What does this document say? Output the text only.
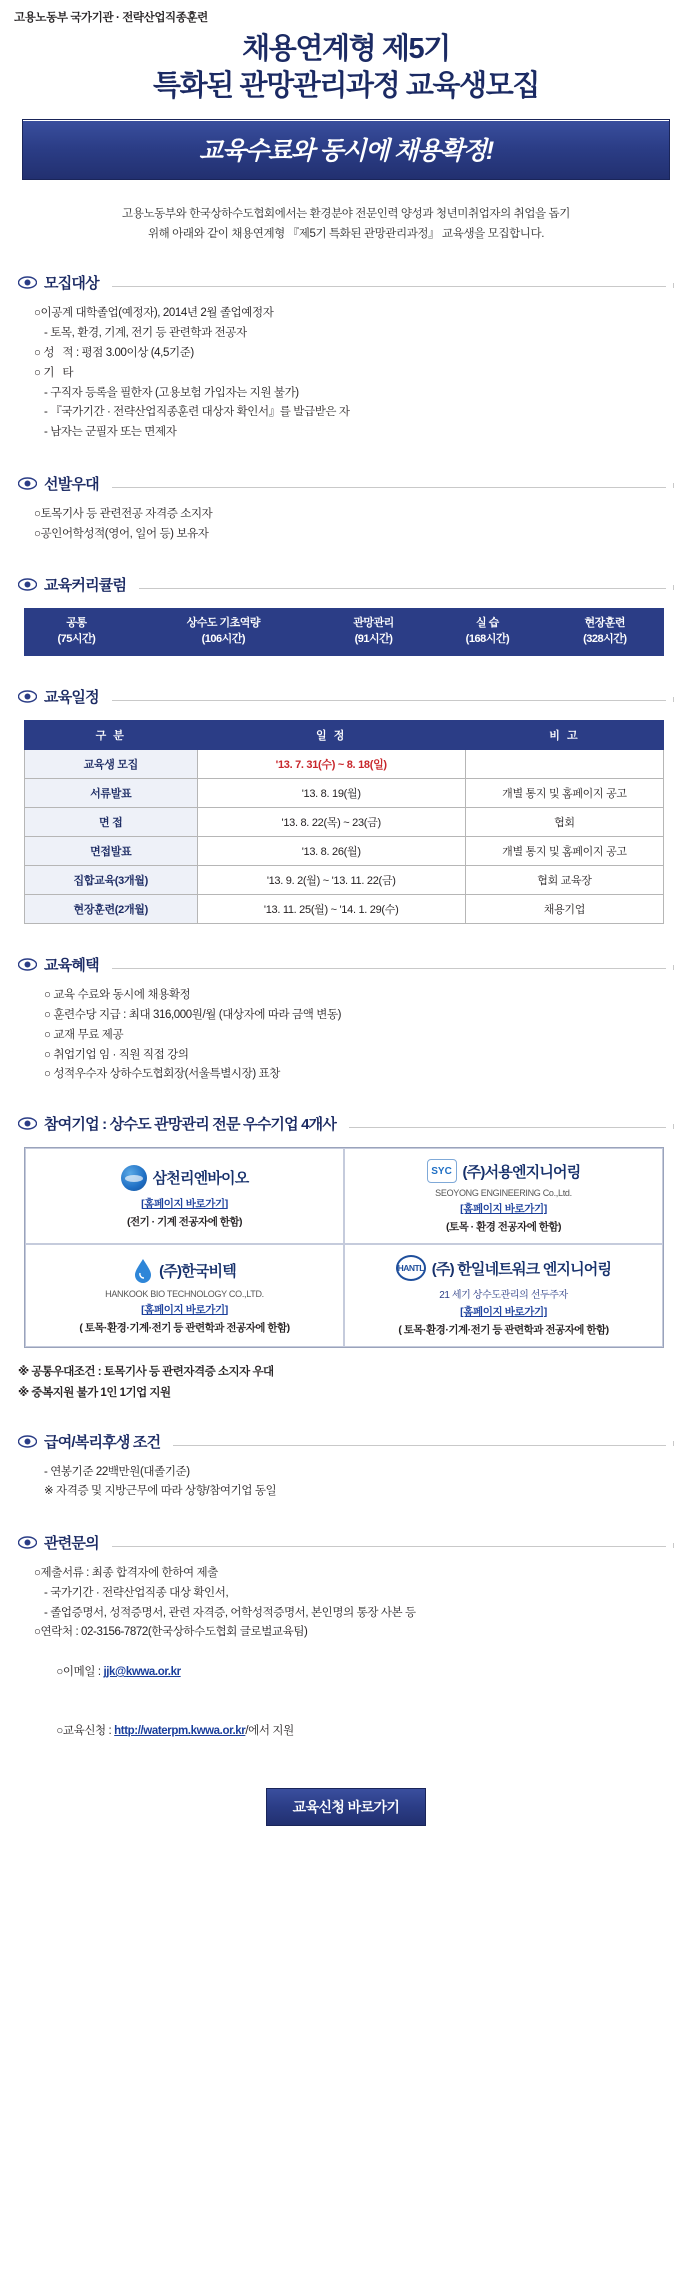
고용노동부 국가기관 · 전략산업직종훈련
채용연계형 제5기
특화된 관망관리과정 교육생모집
교육수료와 동시에 채용확정!
고용노동부와 한국상하수도협회에서는 환경분야 전문인력 양성과 청년미취업자의 취업을 돕기
위해 아래와 같이 채용연계형 『제5기 특화된 관망관리과정』 교육생을 모집합니다.
모집대상
○이공계 대학졸업(예정자), 2014년 2월 졸업예정자
- 토목, 환경, 기계, 전기 등 관련학과 전공자
○ 성   적 : 평점 3.00이상 (4,5기준)
○ 기   타
- 구직자 등록을 필한자 (고용보험 가입자는 지원 불가)
- 『국가기간 · 전략산업직종훈련 대상자 확인서』를 발급받은 자
- 남자는 군필자 또는 면제자
선발우대
○토목기사 등 관련전공 자격증 소지자
○공인어학성적(영어, 일어 등) 보유자
교육커리큘럼
공통
(75시간)

상수도 기초역량
(106시간)

관망관리
(91시간)

실 습
(168시간)

현장훈련
(328시간)
교육일정
구 분	일 정	비 고
교육생 모집	'13. 7. 31(수) ~ 8. 18(일)	
서류발표	'13. 8. 19(월)	개별 통지 및 홈페이지 공고
면 접	'13. 8. 22(목) ~ 23(금)	협회
면접발표	'13. 8. 26(월)	개별 통지 및 홈페이지 공고
집합교육(3개월)	'13. 9. 2(월) ~ '13. 11. 22(금)	협회 교육장
현장훈련(2개월)	'13. 11. 25(월) ~ '14. 1. 29(수)	채용기업
교육혜택
○ 교육 수료와 동시에 채용확정
○ 훈련수당 지급 : 최대 316,000원/월 (대상자에 따라 금액 변동)
○ 교재 무료 제공
○ 취업기업 임 · 직원 직접 강의
○ 성적우수자 상하수도협회장(서울특별시장) 표창
참여기업 : 상수도 관망관리 전문 우수기업 4개사
삼천리엔바이오
[홈페이지 바로가기]
(전기 · 기계 전공자에 한함)
SYC (주)서용엔지니어링
SEOYONG ENGINEERING Co.,Ltd.
[홈페이지 바로가기]
(토목 · 환경 전공자에 한함)
(주)한국비텍
HANKOOK BIO TECHNOLOGY CO.,LTD.
[홈페이지 바로가기]
( 토목·환경·기계·전기 등 관련학과 전공자에 한함)
HANTL (주) 한일네트워크 엔지니어링
21 세기 상수도관리의 선두주자
[홈페이지 바로가기]
( 토목·환경·기계·전기 등 관련학과 전공자에 한함)
※ 공통우대조건 : 토목기사 등 관련자격증 소지자 우대
※ 중복지원 불가 1인 1기업 지원
급여/복리후생 조건
- 연봉기준 22백만원(대졸기준)
※ 자격증 및 지방근무에 따라 상향/참여기업 동일
관련문의
○제출서류 : 최종 합격자에 한하여 제출
- 국가기간 · 전략산업직종 대상 확인서,
- 졸업증명서, 성적증명서, 관련 자격증, 어학성적증명서, 본인명의 통장 사본 등
○연락처 : 02-3156-7872(한국상하수도협회 글로벌교육팀)

○이메일 : jjk@kwwa.or.kr

○교육신청 : http://waterpm.kwwa.or.kr/에서 지원

교육신청 바로가기
